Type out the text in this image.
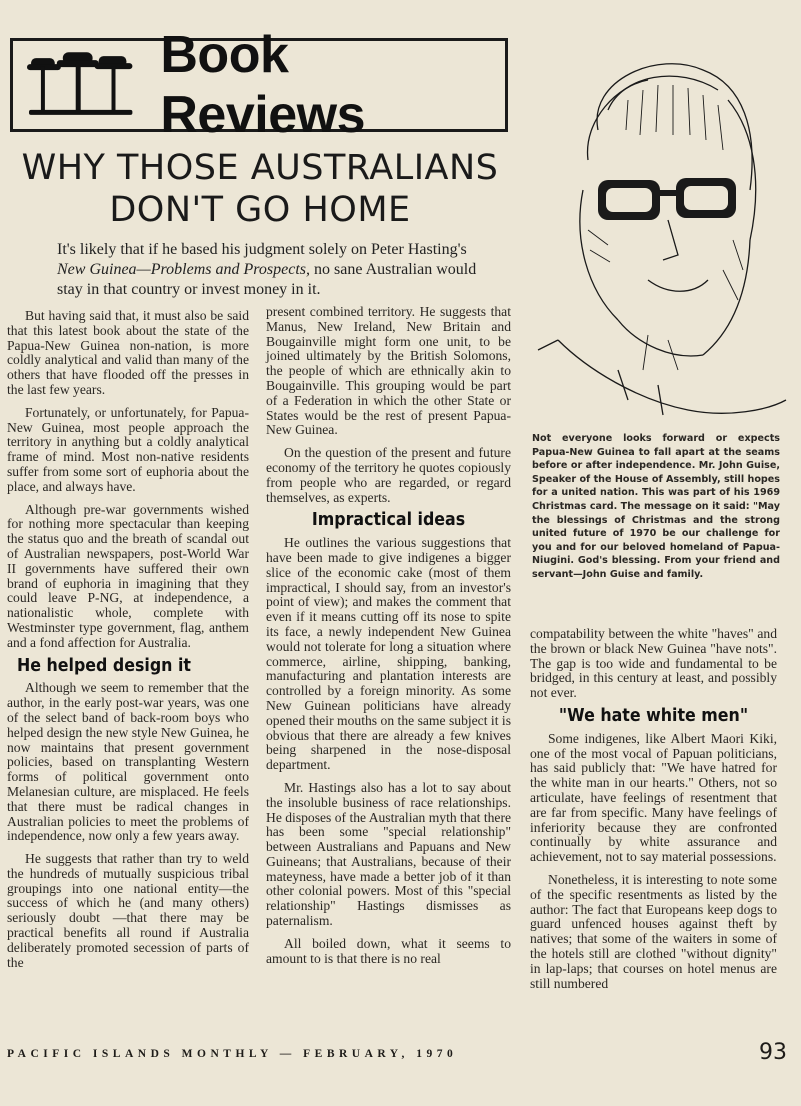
Book Reviews
WHY THOSE AUSTRALIANS
DON'T GO HOME
It's likely that if he based his judgment solely on Peter Hasting's New Guinea—Problems and Prospects, no sane Australian would stay in that country or invest money in it.

But having said that, it must also be said that this latest book about the state of the Papua-New Guinea non-nation, is more coldly analytical and valid than many of the others that have flooded off the presses in the last few years.

Fortunately, or unfortunately, for Papua-New Guinea, most people approach the territory in anything but a coldly analytical frame of mind. Most non-native residents suffer from some sort of euphoria about the place, and always have.

Although pre-war governments wished for nothing more spectacular than keeping the status quo and the breath of scandal out of Australian newspapers, post-World War II governments have suffered their own brand of euphoria in imagining that they could leave P-NG, at independence, a nationalistic whole, complete with Westminster type government, flag, anthem and a fond affection for Australia.

He helped design it

Although we seem to remember that the author, in the early post-war years, was one of the select band of back-room boys who helped design the new style New Guinea, he now maintains that present government policies, based on transplanting Western forms of political government onto Melanesian culture, are misplaced. He feels that there must be radical changes in Australian policies to meet the problems of independence, now only a few years away.

He suggests that rather than try to weld the hundreds of mutually suspicious tribal groupings into one national entity—the success of which he (and many others) seriously doubt —that there may be practical benefits all round if Australia deliberately promoted secession of parts of the

present combined territory. He suggests that Manus, New Ireland, New Britain and Bougainville might form one unit, to be joined ultimately by the British Solomons, the people of which are ethnically akin to Bougainville. This grouping would be part of a Federation in which the other State or States would be the rest of present Papua-New Guinea.

On the question of the present and future economy of the territory he quotes copiously from people who are regarded, or regard themselves, as experts.

Impractical ideas

He outlines the various suggestions that have been made to give indigenes a bigger slice of the economic cake (most of them impractical, I should say, from an investor's point of view); and makes the comment that even if it means cutting off its nose to spite its face, a newly independent New Guinea would not tolerate for long a situation where commerce, airline, shipping, banking, manufacturing and plantation interests are controlled by a foreign minority. As some New Guinean politicians have already opened their mouths on the same subject it is obvious that there are already a few knives being sharpened in the nose-disposal department.

Mr. Hastings also has a lot to say about the insoluble business of race relationships. He disposes of the Australian myth that there has been some "special relationship" between Australians and Papuans and New Guineans; that Australians, because of their mateyness, have made a better job of it than other colonial powers. Most of this "special relationship" Hastings dismisses as paternalism.

All boiled down, what it seems to amount to is that there is no real

Not everyone looks forward or expects Papua-New Guinea to fall apart at the seams before or after independence. Mr. John Guise, Speaker of the House of Assembly, still hopes for a united nation. This was part of his 1969 Christmas card. The message on it said: "May the blessings of Christmas and the strong united future of 1970 be our challenge for you and for our beloved homeland of Papua-Niugini. God's blessing. From your friend and servant—John Guise and family.

compatability between the white "haves" and the brown or black New Guinea "have nots". The gap is too wide and fundamental to be bridged, in this century at least, and possibly not ever.

"We hate white men"

Some indigenes, like Albert Maori Kiki, one of the most vocal of Papuan politicians, has said publicly that: "We have hatred for the white man in our hearts." Others, not so articulate, have feelings of resentment that are far from specific. Many have feelings of inferiority because they are confronted continually by white assurance and achievement, not to say material possessions.

Nonetheless, it is interesting to note some of the specific resentments as listed by the author: The fact that Europeans keep dogs to guard unfenced houses against theft by natives; that some of the waiters in some of the hotels still are clothed "without dignity" in lap-laps; that courses on hotel menus are still numbered

PACIFIC ISLANDS MONTHLY — FEBRUARY, 1970	93
